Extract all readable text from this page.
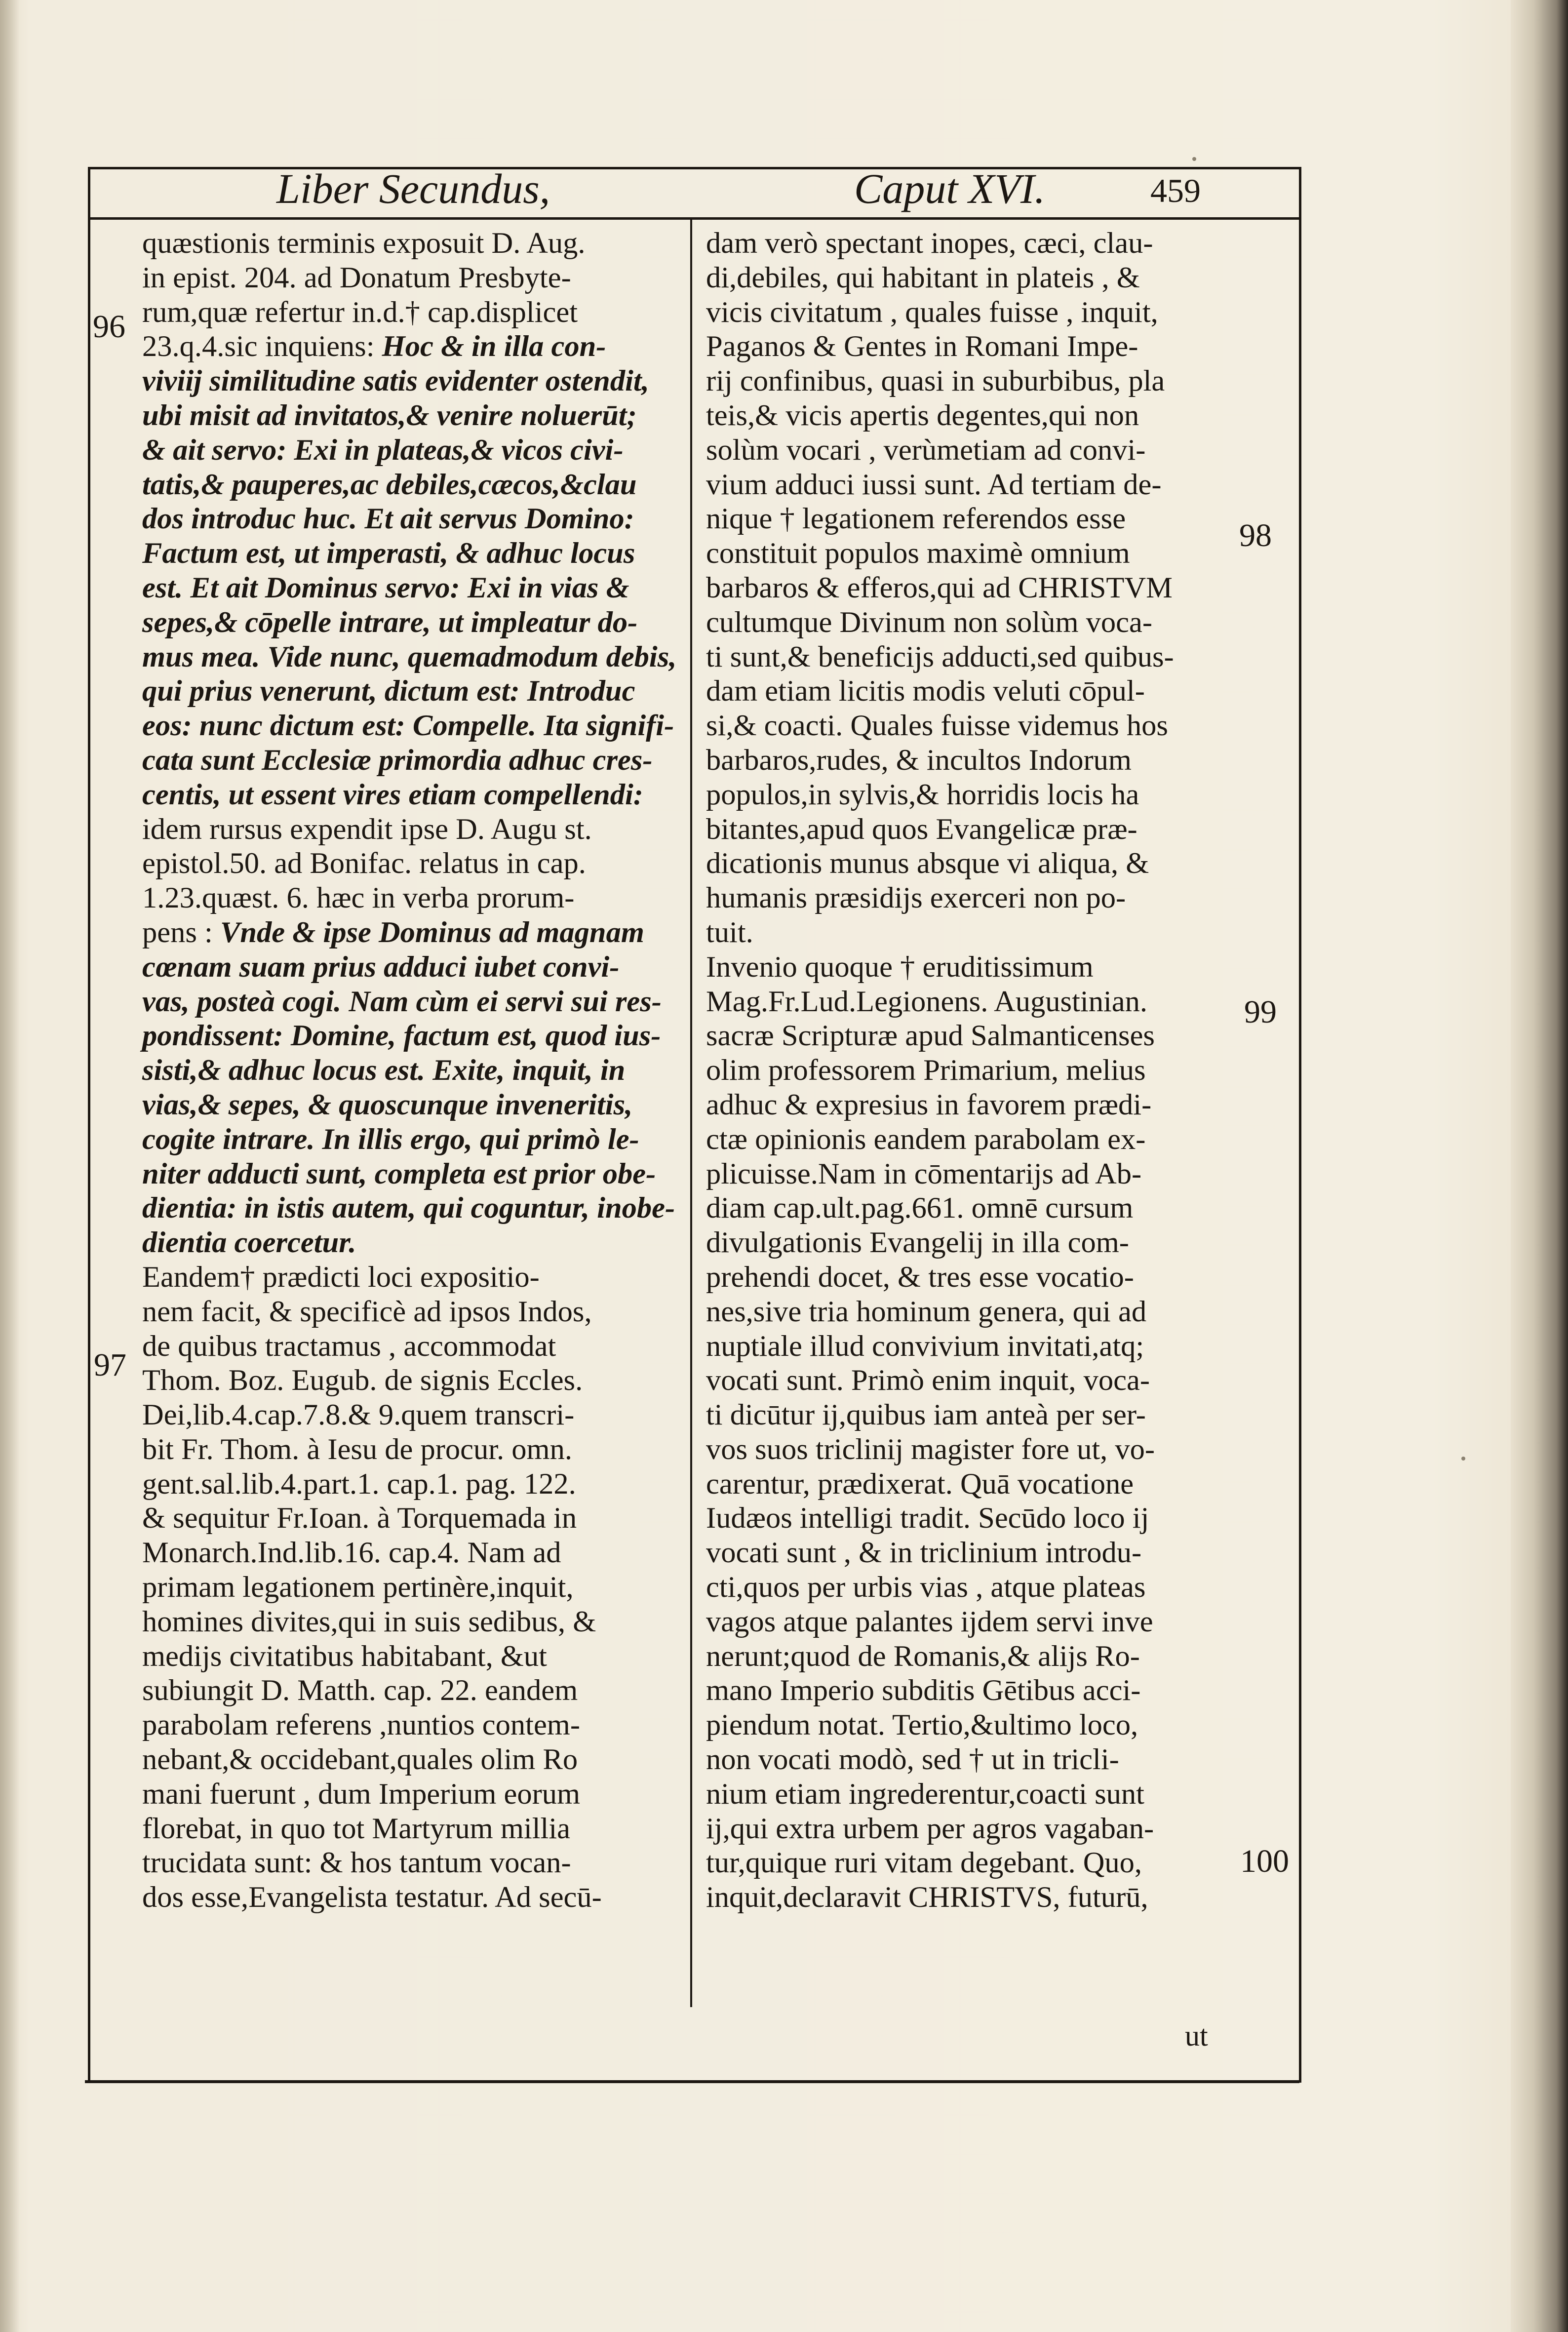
Liber Secundus,	Caput XVI.	459
96
97
98
99
100
quæstionis terminis exposuit D. Aug.
in epist. 204. ad Donatum Presbyte-
rum,quæ refertur in.d.† cap.displicet
23.q.4.sic inquiens: Hoc & in illa con-
viviij similitudine satis evidenter ostendit,
ubi misit ad invitatos,& venire noluerūt;
& ait servo: Exi in plateas,& vicos civi-
tatis,& pauperes,ac debiles,cæcos,&clau
dos introduc huc. Et ait servus Domino:
Factum est, ut imperasti, & adhuc locus
est. Et ait Dominus servo: Exi in vias &
sepes,& cōpelle intrare, ut impleatur do-
mus mea. Vide nunc, quemadmodum debis,
qui prius venerunt, dictum est: Introduc
eos: nunc dictum est: Compelle. Ita signifi-
cata sunt Ecclesiæ primordia adhuc cres-
centis, ut essent vires etiam compellendi:
idem rursus expendit ipse D. Augu st.
epistol.50. ad Bonifac. relatus in cap.
1.23.quæst. 6. hæc in verba prorum-
pens : Vnde & ipse Dominus ad magnam
cœnam suam prius adduci iubet convi-
vas, posteà cogi. Nam cùm ei servi sui res-
pondissent: Domine, factum est, quod ius-
sisti,& adhuc locus est. Exite, inquit, in
vias,& sepes, & quoscunque inveneritis,
cogite intrare. In illis ergo, qui primò le-
niter adducti sunt, completa est prior obe-
dientia: in istis autem, qui coguntur, inobe-
dientia coercetur.
Eandem† prædicti loci expositio-
nem facit, & specificè ad ipsos Indos,
de quibus tractamus , accommodat
Thom. Boz. Eugub. de signis Eccles.
Dei,lib.4.cap.7.8.& 9.quem transcri-
bit Fr. Thom. à Iesu de procur. omn.
gent.sal.lib.4.part.1. cap.1. pag. 122.
& sequitur Fr.Ioan. à Torquemada in
Monarch.Ind.lib.16. cap.4. Nam ad
primam legationem pertinère,inquit,
homines divites,qui in suis sedibus, &
medijs civitatibus habitabant, &ut
subiungit D. Matth. cap. 22. eandem
parabolam referens ,nuntios contem-
nebant,& occidebant,quales olim Ro
mani fuerunt , dum Imperium eorum
florebat, in quo tot Martyrum millia
trucidata sunt: & hos tantum vocan-
dos esse,Evangelista testatur. Ad secū-
dam verò spectant inopes, cæci, clau-
di,debiles, qui habitant in plateis , &
vicis civitatum , quales fuisse , inquit,
Paganos & Gentes in Romani Impe-
rij confinibus, quasi in suburbibus, pla
teis,& vicis apertis degentes,qui non
solùm vocari , verùmetiam ad convi-
vium adduci iussi sunt. Ad tertiam de-
nique † legationem referendos esse
constituit populos maximè omnium
barbaros & efferos,qui ad CHRISTVM
cultumque Divinum non solùm voca-
ti sunt,& beneficijs adducti,sed quibus-
dam etiam licitis modis veluti cōpul-
si,& coacti. Quales fuisse videmus hos
barbaros,rudes, & incultos Indorum
populos,in sylvis,& horridis locis ha
bitantes,apud quos Evangelicæ præ-
dicationis munus absque vi aliqua, &
humanis præsidijs exerceri non po-
tuit.
Invenio quoque † eruditissimum
Mag.Fr.Lud.Legionens. Augustinian.
sacræ Scripturæ apud Salmanticenses
olim professorem Primarium, melius
adhuc & expresius in favorem prædi-
ctæ opinionis eandem parabolam ex-
plicuisse.Nam in cōmentarijs ad Ab-
diam cap.ult.pag.661. omnē cursum
divulgationis Evangelij in illa com-
prehendi docet, & tres esse vocatio-
nes,sive tria hominum genera, qui ad
nuptiale illud convivium invitati,atq;
vocati sunt. Primò enim inquit, voca-
ti dicūtur ij,quibus iam anteà per ser-
vos suos triclinij magister fore ut, vo-
carentur, prædixerat. Quā vocatione
Iudæos intelligi tradit. Secūdo loco ij
vocati sunt , & in triclinium introdu-
cti,quos per urbis vias , atque plateas
vagos atque palantes ijdem servi inve
nerunt;quod de Romanis,& alijs Ro-
mano Imperio subditis Gētibus acci-
piendum notat. Tertio,&ultimo loco,
non vocati modò, sed † ut in tricli-
nium etiam ingrederentur,coacti sunt
ij,qui extra urbem per agros vagaban-
tur,quique ruri vitam degebant. Quo,
inquit,declaravit CHRISTVS, futurū,
ut
